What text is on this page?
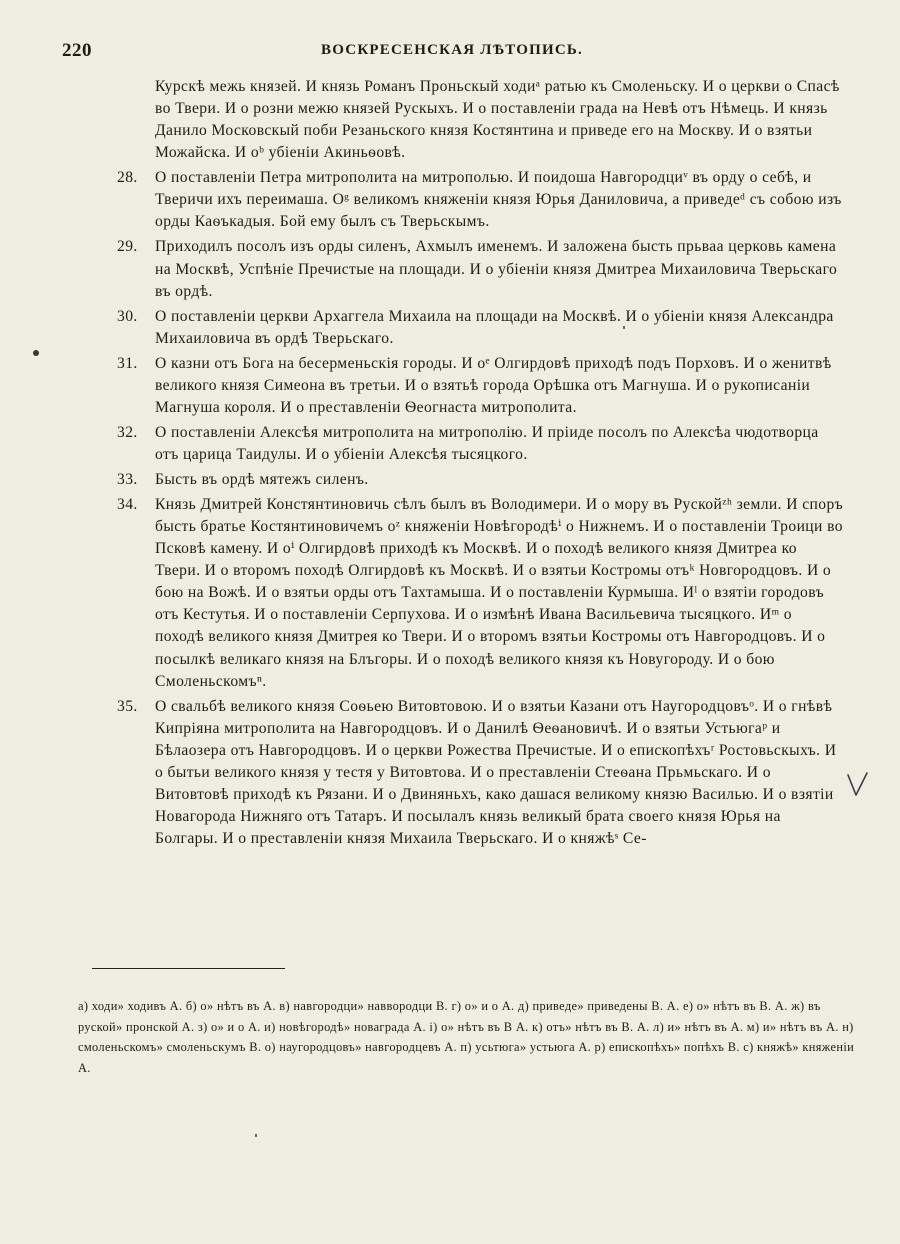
220	ВОСКРЕСЕНСКАЯ ЛѢТОПИСЬ.

Курскѣ межь князей. И князь Романъ Проньскый ходиᵃ ратью къ Смоленьску. И о церкви о Спасѣ во Твери. И о розни межю князей Рускыхъ. И о поставленіи града на Невѣ отъ Нѣмець. И князь Данило Московскый поби Резаньского князя Костянтина и приведе его на Москву. И о взятьи Можайска. И оᵇ убіеніи Акиньѳовѣ.

28.	О поставленіи Петра митрополита на митрополью. И поидоша Навгородциᵛ въ орду о себѣ, и Тверичи ихъ переимаша. Оᵍ великомъ княженіи князя Юрья Даниловича, а приведеᵈ съ собою изъ орды Каѳъкадыя. Бой ему былъ съ Тверьскымъ.

29.	Приходилъ посолъ изъ орды силенъ, Ахмылъ именемъ. И заложена бысть прьваа церковь камена на Москвѣ, Успѣніе Пречистые на площади. И о убіеніи князя Дмитреа Михаиловича Тверьскаго въ ордѣ.

30.	О поставленіи церкви Архаггела Михаила на площади на Москвѣ. И о убіеніи князя Александра Михаиловича въ ордѣ Тверьскаго.

31.	О казни отъ Бога на бесерменьскія городы. И оᵉ Олгирдовѣ приходѣ подъ Порховъ. И о женитвѣ великого князя Симеона въ третьи. И о взятьѣ города Орѣшка отъ Магнуша. И о рукописаніи Магнуша короля. И о преставленіи Ѳеогнаста митрополита.

32.	О поставленіи Алексѣя митрополита на митрополію. И пріиде посолъ по Алексѣа чюдотворца отъ царица Таидулы. И о убіеніи Алексѣя тысяцкого.

33.	Бысть въ ордѣ мятежъ силенъ.

34.	Князь Дмитрей Констянтиновичь сѣлъ былъ въ Володимери. И о мору въ Рускойᶻʰ земли. И споръ бысть братье Костянтиновичемъ оᶻ княженіи Новѣгородѣⁱ о Нижнемъ. И о поставленіи Троици во Псковѣ камену. И оⁱ Олгирдовѣ приходѣ къ Москвѣ. И о походѣ великого князя Дмитреа ко Твери. И о второмъ походѣ Олгирдовѣ къ Москвѣ. И о взятьи Костромы отъᵏ Новгородцовъ. И о бою на Вожѣ. И о взятьи орды отъ Тахтамыша. И о поставленіи Курмыша. Иˡ о взятіи городовъ отъ Кестутья. И о поставленіи Серпухова. И о измѣнѣ Ивана Васильевича тысяцкого. Иᵐ о походѣ великого князя Дмитрея ко Твери. И о второмъ взятьи Костромы отъ Навгородцовъ. И о посылкѣ великаго князя на Блъгоры. И о походѣ великого князя къ Новугороду. И о бою Смоленьскомъⁿ.

35.	О свальбѣ великого князя Соѳьею Витовтовою. И о взятьи Казани отъ Наугородцовъᵒ. И о гнѣвѣ Кипріяна митрополита на Навгородцовъ. И о Данилѣ Ѳеѳановичѣ. И о взятьи Устьюгаᵖ и Бѣлаозера отъ Навгородцовъ. И о церкви Рожества Пречистые. И о епископѣхъʳ Ростовьскыхъ. И о бытьи великого князя у тестя у Витовтова. И о преставленіи Стеѳана Прьмьскаго. И о Витовтовѣ приходѣ къ Рязани. И о Двиняньхъ, како дашася великому князю Василью. И о взятіи Новагорода Нижняго отъ Татаръ. И посылалъ князь великый брата своего князя Юрья на Болгары. И о преставленіи князя Михаила Тверьскаго. И о княжѣˢ Се-

а) ходи» ходивъ А. б) о» нѣтъ въ А. в) навгородци» наввородци В. г) о» и о А. д) приведе» приведены В. А. е) о» нѣтъ въ В. А. ж) въ руской» пронской А. з) о» и о А. и) новѣгородѣ» новаграда А. і) о» нѣтъ въ В А. к) отъ» нѣтъ въ В. А. л) и» нѣтъ въ А. м) и» нѣтъ въ А. н) смоленьскомъ» смоленьскумъ В. о) наугородцовъ» навгородцевъ А. п) усьтюга» устьюга А. р) епископѣхъ» попѣхъ В. с) княжѣ» княженіи А.
